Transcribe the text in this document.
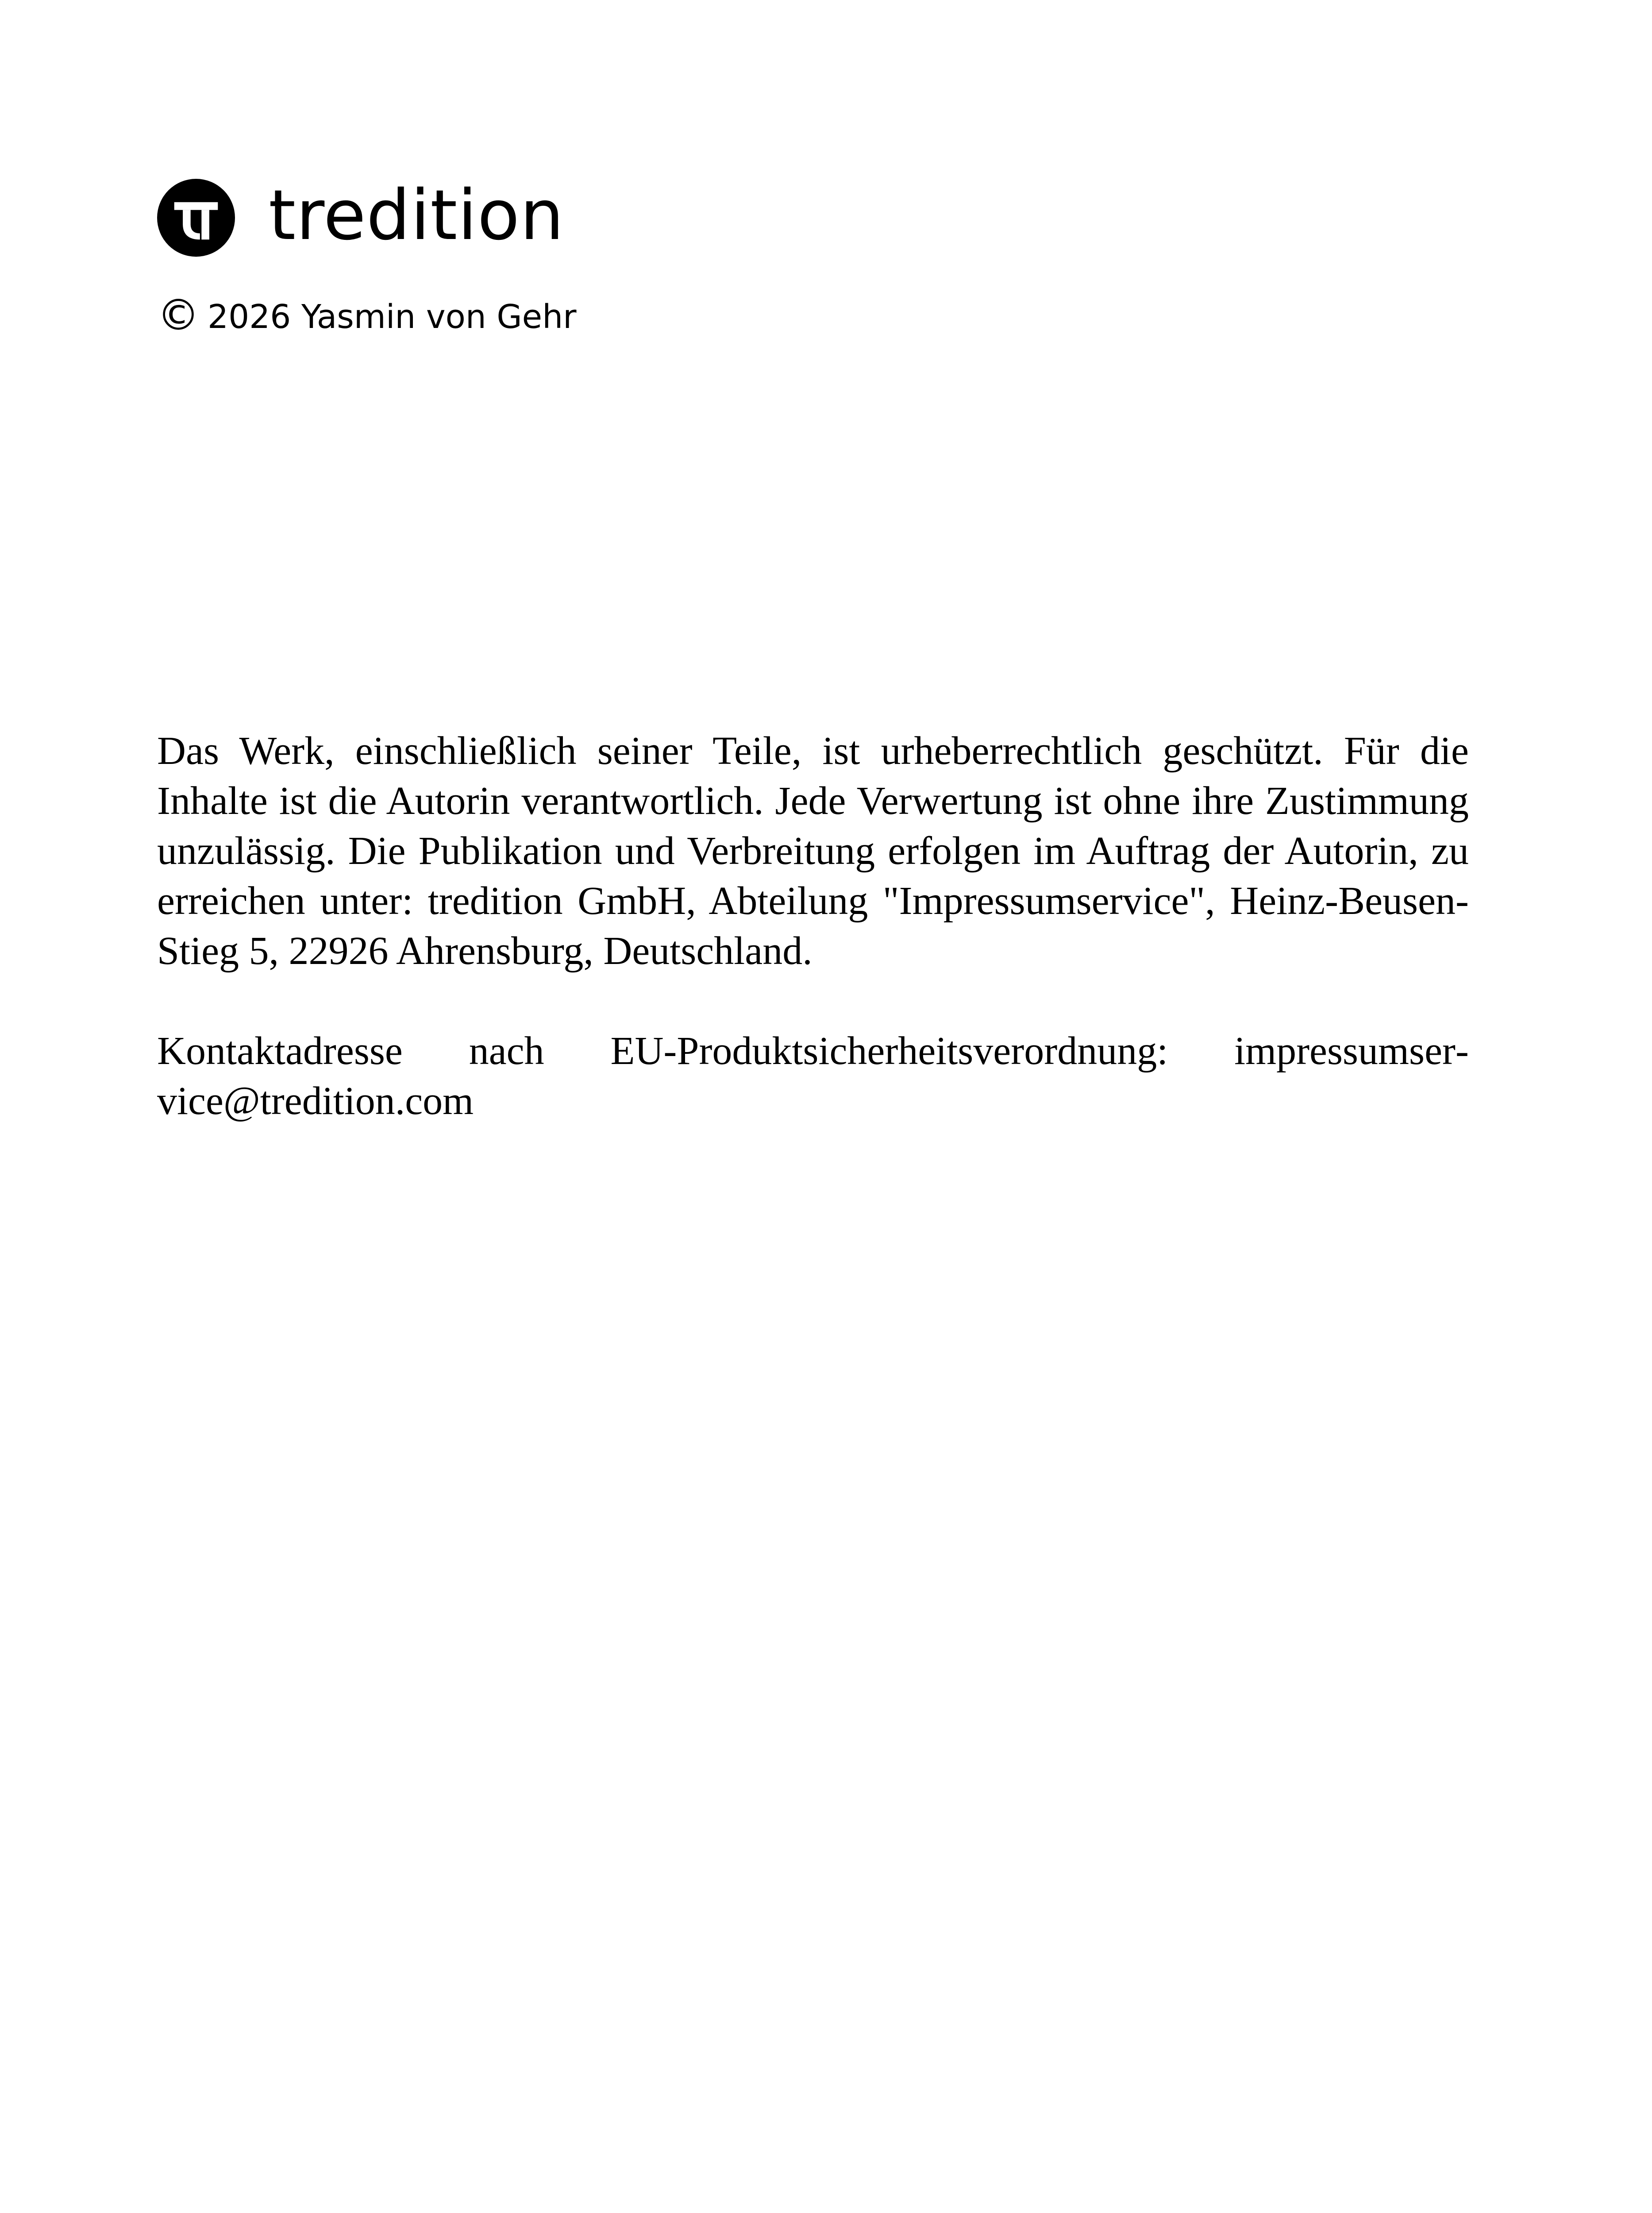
tredition
© 2026 Yasmin von Gehr

Das Werk, einschließlich seiner Teile, ist urheberrechtlich geschützt. Für die Inhalte ist die Autorin verantwortlich. Jede Verwertung ist ohne ihre Zustimmung unzulässig. Die Publikation und Verbreitung erfolgen im Auftrag der Autorin, zu erreichen unter: tredition GmbH, Abteilung "Impressumservice", Heinz-Beusen-Stieg 5, 22926 Ahrensburg, Deutschland.

Kontaktadresse nach EU-Produktsicherheitsverordnung: impressumservice@tredition.com
